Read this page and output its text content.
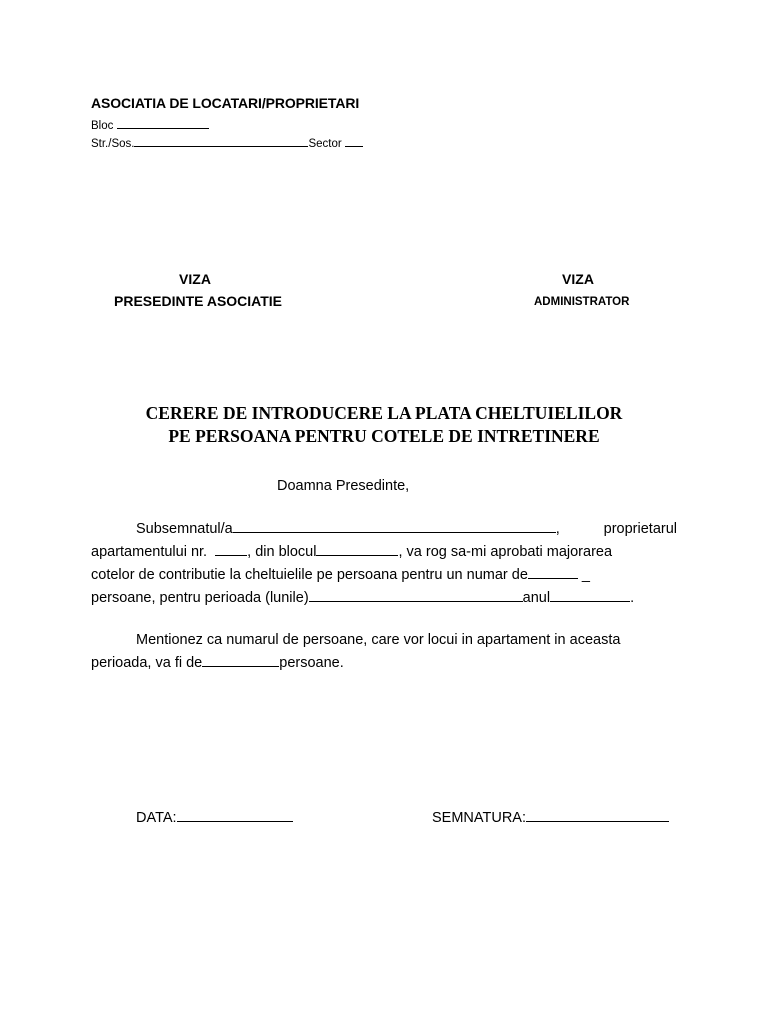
ASOCIATIA DE LOCATARI/PROPRIETARI
Bloc
Str./Sos.	Sector
VIZA
PRESEDINTE ASOCIATIE
VIZA
ADMINISTRATOR
CERERE DE INTRODUCERE LA PLATA CHELTUIELILOR
PE PERSOANA PENTRU COTELE DE INTRETINERE
Doamna Presedinte,
Subsemnatul/a	,	proprietarul
apartamentului nr.	, din blocul	, va rog sa-mi aprobati majorarea
cotelor de contributie la cheltuielile pe persoana pentru un numar de	_
persoane, pentru perioada (lunile)	anul	.
Mentionez ca numarul de persoane, care vor locui in apartament in aceasta
perioada, va fi de	persoane.
DATA:	SEMNATURA:
